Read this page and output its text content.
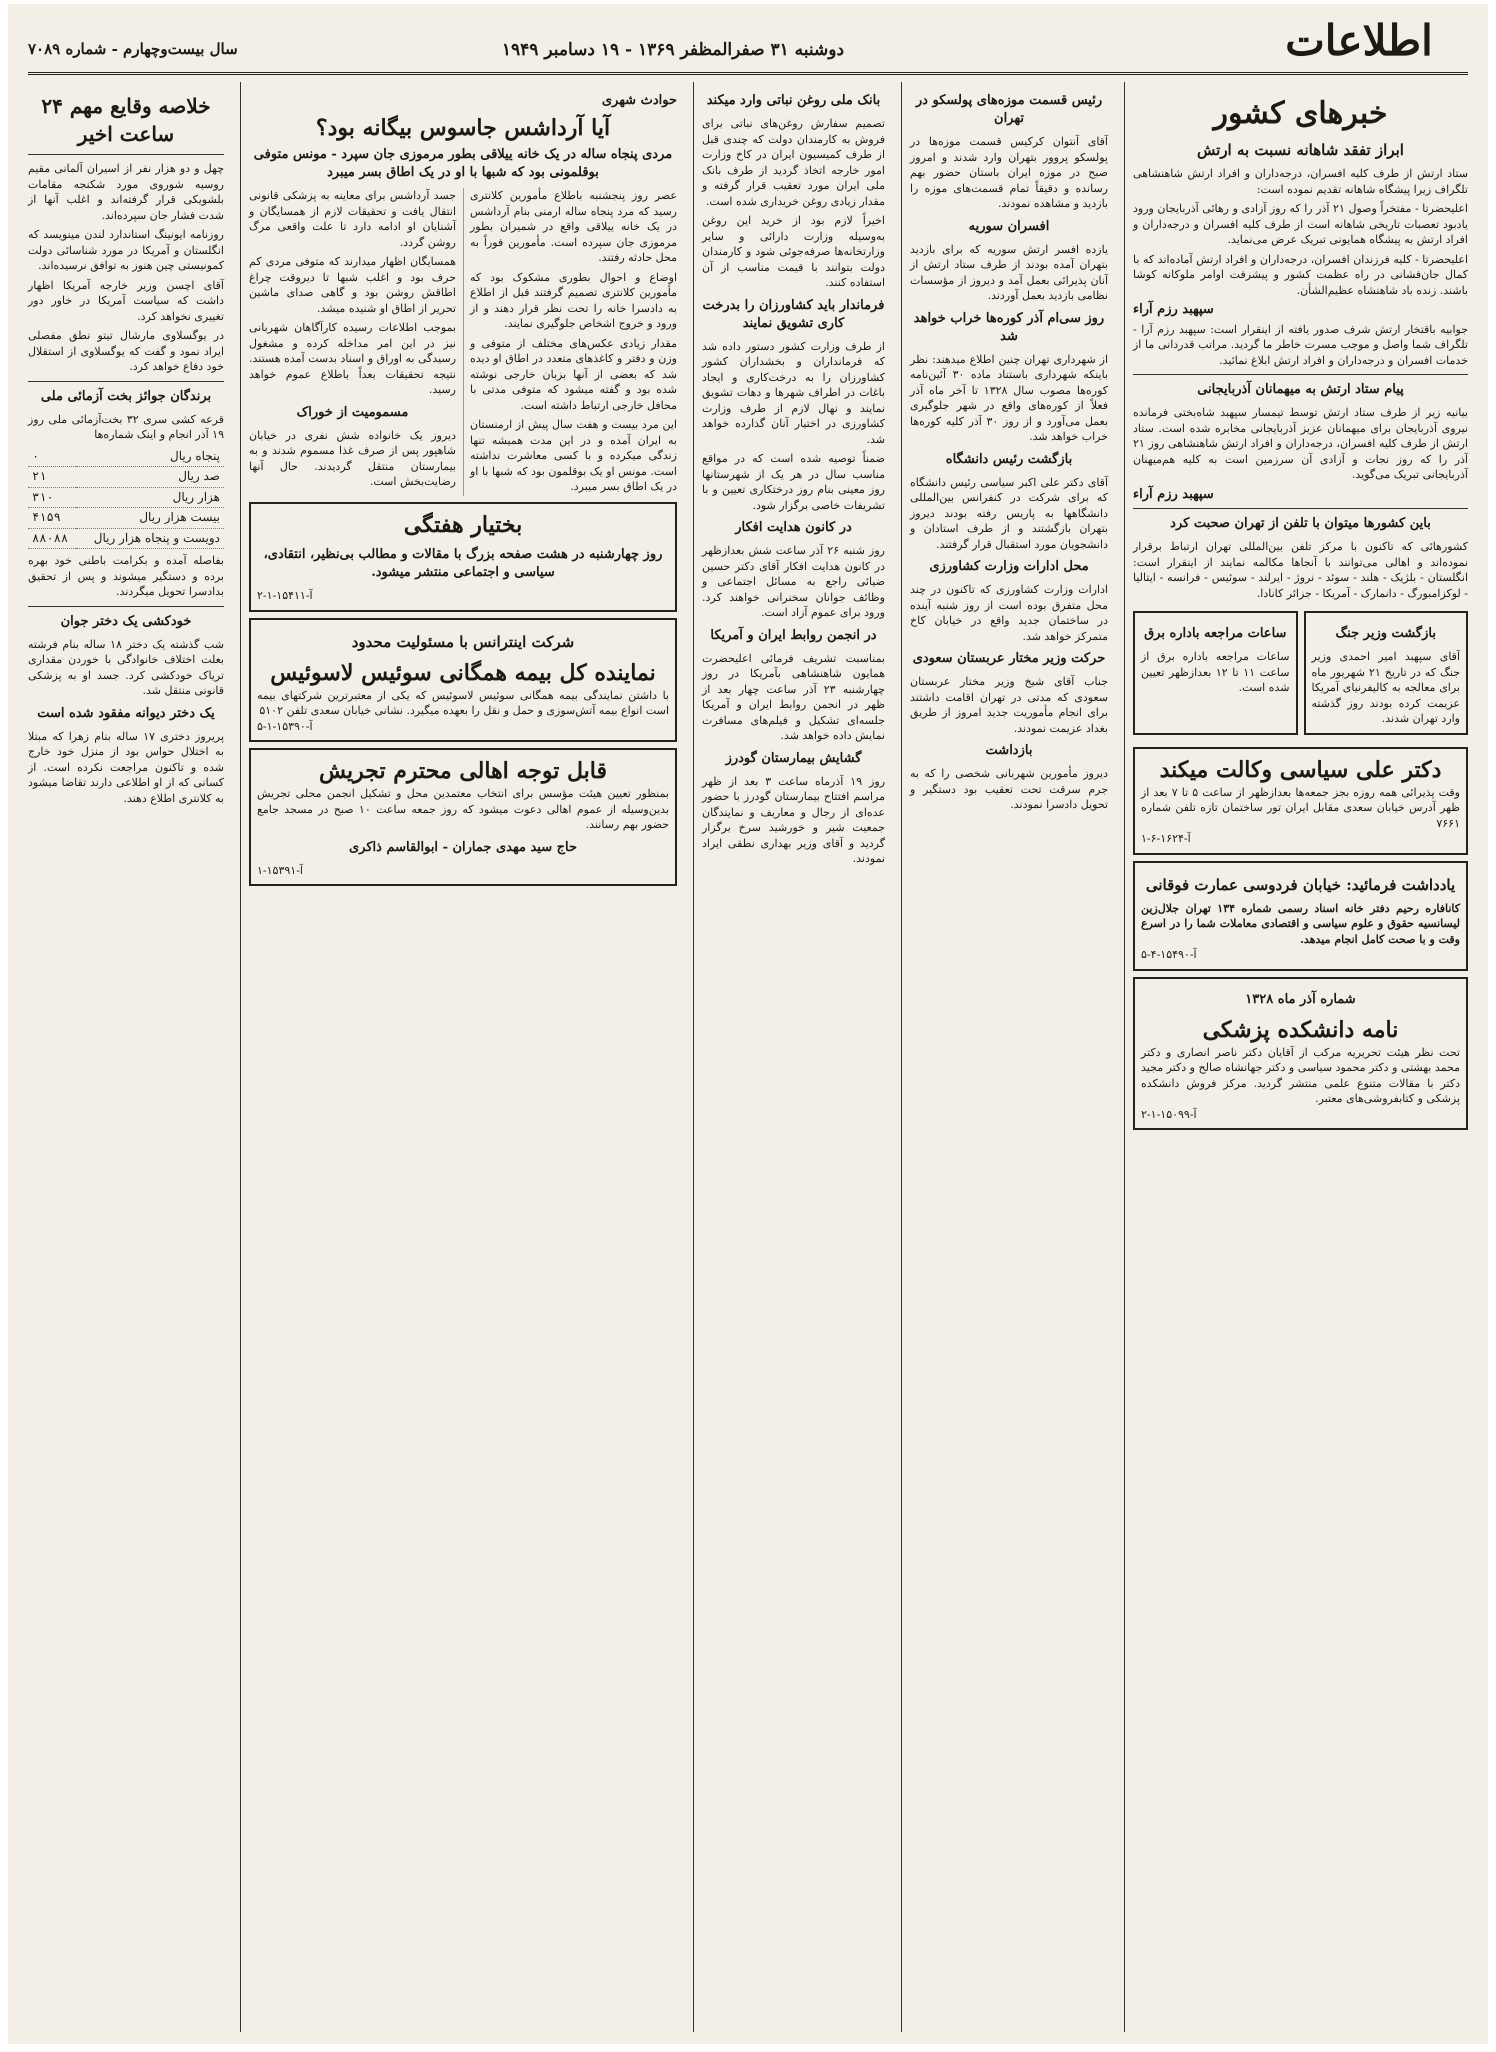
اطلاعات
دوشنبه ۳۱ صفرالمظفر ۱۳۶۹ - ۱۹ دسامبر ۱۹۴۹
سال بیست‌وچهارم - شماره ۷۰۸۹
خبرهای کشور
ابراز تفقد شاهانه نسبت به ارتش

ستاد ارتش از طرف کلیه افسران، درجه‌داران و افراد ارتش شاهنشاهی تلگراف زیرا پیشگاه شاهانه تقدیم نموده است:

اعلیحضرتا - مفتخراً وصول ۲۱ آذر را که روز آزادی و رهائی آذربایجان ورود یادبود تعصبات تاریخی شاهانه است از طرف کلیه افسران و درجه‌داران و افراد ارتش به پیشگاه همایونی تبریک عرض می‌نماید.

اعلیحضرتا - کلیه فرزندان افسران، درجه‌داران و افراد ارتش آماده‌اند که با کمال جان‌فشانی در راه عظمت کشور و پیشرفت اوامر ملوکانه کوشا باشند. زنده باد شاهنشاه عظیم‌الشأن.

سپهبد رزم آراء

جوابیه باقتخار ارتش شرف صدور یافته از اینقرار است: سپهبد رزم آرا - تلگراف شما واصل و موجب مسرت خاطر ما گردید. مراتب قدردانی ما از خدمات افسران و درجه‌داران و افراد ارتش ابلاغ نمائید.

پیام ستاد ارتش به میهمانان آذربایجانی

بیانیه زیر از طرف ستاد ارتش توسط تیمسار سپهبد شاه‌بختی فرمانده نیروی آذربایجان برای میهمانان عزیز آذربایجانی مخابره شده است. ستاد ارتش از طرف کلیه افسران، درجه‌داران و افراد ارتش شاهنشاهی روز ۲۱ آذر را که روز نجات و آزادی آن سرزمین است به کلیه هم‌میهنان آذربایجانی تبریک می‌گوید.

سپهبد رزم آراء
باین کشورها میتوان با تلفن از تهران صحبت کرد

کشورهائی که تاکنون با مرکز تلفن بین‌المللی تهران ارتباط برقرار نموده‌اند و اهالی می‌توانند با آنجاها مکالمه نمایند از اینقرار است: انگلستان - بلژیک - هلند - سوئد - نروژ - ایرلند - سوئیس - فرانسه - ایتالیا - لوکزامبورگ - دانمارک - آمریکا - جزائر کانادا.

بازگشت وزیر جنگ
آقای سپهبد امیر احمدی وزیر جنگ که در تاریخ ۲۱ شهریور ماه برای معالجه به کالیفرنیای آمریکا عزیمت کرده بودند روز گذشته وارد تهران شدند.
ساعات مراجعه باداره برق
ساعات مراجعه باداره برق از ساعت ۱۱ تا ۱۲ بعدازظهر تعیین شده است.
دکتر علی سیاسی وکالت میکند
وقت پذیرائی همه روزه بجز جمعه‌ها بعدازظهر از ساعت ۵ تا ۷ بعد از ظهر آدرس خیابان سعدی مقابل ایران تور ساختمان تازه تلفن شماره ۷۶۶۱
آ-۱۶۲۴-۶-۱
یادداشت فرمائید: خیابان فردوسی عمارت فوقانی
کانافاره رحیم دفتر خانه اسناد رسمی شماره ۱۳۴ تهران جلال‌زین لیسانسیه حقوق و علوم سیاسی و اقتصادی معاملات شما را در اسرع وقت و با صحت کامل انجام میدهد.
آ-۱۵۴۹۰-۴-۵
شماره آذر ماه ۱۳۲۸
نامه دانشکده پزشکی
تحت نظر هیئت تحریریه مرکب از آقایان دکتر ناصر انصاری و دکتر محمد بهشتی و دکتر محمود سیاسی و دکتر جهانشاه صالح و دکتر مجید دکتر با مقالات متنوع علمی منتشر گردید. مرکز فروش دانشکده پزشکی و کتابفروشی‌های معتبر.
آ-۱۵۰۹۹-۱-۲
رئیس قسمت موزه‌های پولسکو در تهران

آقای آنتوان کرکیس قسمت موزه‌ها در پولسکو پروور بتهران وارد شدند و امروز صبح در موزه ایران باستان حضور بهم رسانده و دقیقاً تمام قسمت‌های موزه را بازدید و مشاهده نمودند.

افسران سوریه

یازده افسر ارتش سوریه که برای بازدید بتهران آمده بودند از طرف ستاد ارتش از آنان پذیرائی بعمل آمد و دیروز از مؤسسات نظامی بازدید بعمل آوردند.

روز سی‌ام آذر کوره‌ها خراب خواهد شد

از شهرداری تهران چنین اطلاع میدهند: نظر باینکه شهرداری باستناد ماده ۳۰ آئین‌نامه کوره‌ها مصوب سال ۱۳۲۸ تا آخر ماه آذر فعلاً از کوره‌های واقع در شهر جلوگیری بعمل می‌آورد و از روز ۳۰ آذر کلیه کوره‌ها خراب خواهد شد.

بازگشت رئیس دانشگاه

آقای دکتر علی اکبر سیاسی رئیس دانشگاه که برای شرکت در کنفرانس بین‌المللی دانشگاهها به پاریس رفته بودند دیروز بتهران بازگشتند و از طرف استادان و دانشجویان مورد استقبال قرار گرفتند.

محل ادارات وزارت کشاورزی

ادارات وزارت کشاورزی که تاکنون در چند محل متفرق بوده است از روز شنبه آینده در ساختمان جدید واقع در خیابان کاخ متمرکز خواهد شد.

حرکت وزیر مختار عربستان سعودی

جناب آقای شیخ وزیر مختار عربستان سعودی که مدتی در تهران اقامت داشتند برای انجام مأموریت جدید امروز از طریق بغداد عزیمت نمودند.

بازداشت

دیروز مأمورین شهربانی شخصی را که به جرم سرقت تحت تعقیب بود دستگیر و تحویل دادسرا نمودند.

بانک ملی روغن نباتی وارد میکند

تصمیم سفارش روغن‌های نباتی برای فروش به کارمندان دولت که چندی قبل از طرف کمیسیون ایران در کاخ وزارت امور خارجه اتخاذ گردید از طرف بانک ملی ایران مورد تعقیب قرار گرفته و مقدار زیادی روغن خریداری شده است.

اخیراً لازم بود از خرید این روغن به‌وسیله وزارت دارائی و سایر وزارتخانه‌ها صرفه‌جوئی شود و کارمندان دولت بتوانند با قیمت مناسب از آن استفاده کنند.

فرماندار باید کشاورزان را بدرخت کاری تشویق نمایند

از طرف وزارت کشور دستور داده شد که فرمانداران و بخشداران کشور کشاورزان را به درخت‌کاری و ایجاد باغات در اطراف شهرها و دهات تشویق نمایند و نهال لازم از طرف وزارت کشاورزی در اختیار آنان گذارده خواهد شد.

ضمناً توصیه شده است که در مواقع مناسب سال در هر یک از شهرستانها روز معینی بنام روز درختکاری تعیین و با تشریفات خاصی برگزار شود.

در کانون هدایت افکار

روز شنبه ۲۶ آذر ساعت شش بعدازظهر در کانون هدایت افکار آقای دکتر حسین ضیائی راجع به مسائل اجتماعی و وظائف جوانان سخنرانی خواهند کرد. ورود برای عموم آزاد است.

در انجمن روابط ایران و آمریکا

بمناسبت تشریف فرمائی اعلیحضرت همایون شاهنشاهی بآمریکا در روز چهارشنبه ۲۳ آذر ساعت چهار بعد از ظهر در انجمن روابط ایران و آمریکا جلسه‌ای تشکیل و فیلم‌های مسافرت نمایش داده خواهد شد.

گشایش بیمارستان گودرز

روز ۱۹ آذرماه ساعت ۳ بعد از ظهر مراسم افتتاح بیمارستان گودرز با حضور عده‌ای از رجال و معاریف و نمایندگان جمعیت شیر و خورشید سرخ برگزار گردید و آقای وزیر بهداری نطقی ایراد نمودند.

حوادث شهری
آیا آرداشس جاسوس بیگانه بود؟
مردی پنجاه ساله در یک خانه ییلاقی بطور مرموزی جان سپرد - مونس متوفی بوقلمونی بود که شبها با او در یک اطاق بسر میبرد

عصر روز پنجشنبه باطلاع مأمورین کلانتری رسید که مرد پنجاه ساله ارمنی بنام آرداشس در یک خانه ییلاقی واقع در شمیران بطور مرموزی جان سپرده است. مأمورین فوراً به محل حادثه رفتند.

اوضاع و احوال بطوری مشکوک بود که مأمورین کلانتری تصمیم گرفتند قبل از اطلاع به دادسرا خانه را تحت نظر قرار دهند و از ورود و خروج اشخاص جلوگیری نمایند.

مقدار زیادی عکس‌های مختلف از متوفی و وزن و دفتر و کاغذهای متعدد در اطاق او دیده شد که بعضی از آنها بزبان خارجی نوشته شده بود و گفته میشود که متوفی مدتی با محافل خارجی ارتباط داشته است.

این مرد بیست و هفت سال پیش از ارمنستان به ایران آمده و در این مدت همیشه تنها زندگی میکرده و با کسی معاشرت نداشته است. مونس او یک بوقلمون بود که شبها با او در یک اطاق بسر میبرد.

جسد آرداشس برای معاینه به پزشکی قانونی انتقال یافت و تحقیقات لازم از همسایگان و آشنایان او ادامه دارد تا علت واقعی مرگ روشن گردد.

همسایگان اظهار میدارند که متوفی مردی کم حرف بود و اغلب شبها تا دیروقت چراغ اطاقش روشن بود و گاهی صدای ماشین تحریر از اطاق او شنیده میشد.

بموجب اطلاعات رسیده کارآگاهان شهربانی نیز در این امر مداخله کرده و مشغول رسیدگی به اوراق و اسناد بدست آمده هستند. نتیجه تحقیقات بعداً باطلاع عموم خواهد رسید.

مسمومیت از خوراک

دیروز یک خانواده شش نفری در خیابان شاهپور پس از صرف غذا مسموم شدند و به بیمارستان منتقل گردیدند. حال آنها رضایت‌بخش است.

بختیار هفتگی
روز چهارشنبه در هشت صفحه بزرگ با مقالات و مطالب بی‌نظیر، انتقادی، سیاسی و اجتماعی منتشر میشود.
آ-۱۵۴۱۱-۱-۲
شرکت اینترانس با مسئولیت محدود
نماینده کل بیمه همگانی سوئیس لاسوئیس
با داشتن نمایندگی بیمه همگانی سوئیس لاسوئیس که یکی از معتبرترین شرکتهای بیمه است انواع بیمه آتش‌سوزی و حمل و نقل را بعهده میگیرد. نشانی خیابان سعدی تلفن ۵۱۰۲
آ-۱۵۳۹۰-۱-۵
قابل توجه اهالی محترم تجریش
بمنظور تعیین هیئت مؤسس برای انتخاب معتمدین محل و تشکیل انجمن محلی تجریش بدین‌وسیله از عموم اهالی دعوت میشود که روز جمعه ساعت ۱۰ صبح در مسجد جامع حضور بهم رسانند.
حاج سید مهدی جماران - ابوالقاسم ذاکری
آ-۱۵۳۹۱-۱
خلاصه وقایع مهم ۲۴ ساعت اخیر

چهل و دو هزار نفر از اسیران آلمانی مقیم روسیه شوروی مورد شکنجه مقامات بلشویکی قرار گرفته‌اند و اغلب آنها از شدت فشار جان سپرده‌اند.

روزنامه ایونینگ استاندارد لندن مینویسد که انگلستان و آمریکا در مورد شناسائی دولت کمونیستی چین هنوز به توافق نرسیده‌اند.

آقای اچسن وزیر خارجه آمریکا اظهار داشت که سیاست آمریکا در خاور دور تغییری نخواهد کرد.

در یوگسلاوی مارشال تیتو نطق مفصلی ایراد نمود و گفت که یوگسلاوی از استقلال خود دفاع خواهد کرد.

برندگان جوائز بخت آزمائی ملی
قرعه کشی سری ۳۲ بخت‌آزمائی ملی روز ۱۹ آذر انجام و اینک شماره‌ها
پنجاه ریال	۰
صد ریال	۲۱
هزار ریال	۳۱۰
بیست هزار ریال	۴۱۵۹
دویست و پنجاه هزار ریال	۸۸۰۸۸

بفاصله آمده و بکرامت باطنی خود بهره برده و دستگیر میشوند و پس از تحقیق بدادسرا تحویل میگردند.

خودکشی یک دختر جوان

شب گذشته یک دختر ۱۸ ساله بنام فرشته بعلت اختلاف خانوادگی با خوردن مقداری تریاک خودکشی کرد. جسد او به پزشکی قانونی منتقل شد.

یک دختر دیوانه مفقود شده است

پریروز دختری ۱۷ ساله بنام زهرا که مبتلا به اختلال حواس بود از منزل خود خارج شده و تاکنون مراجعت نکرده است. از کسانی که از او اطلاعی دارند تقاضا میشود به کلانتری اطلاع دهند.
